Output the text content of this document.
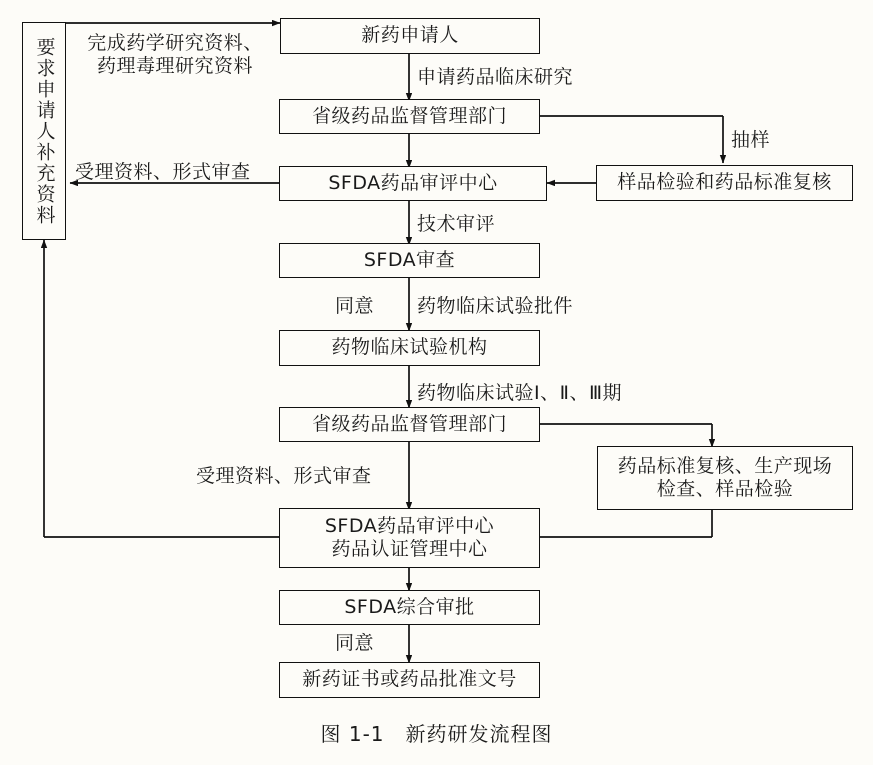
要求申请人补充资料
新药申请人
省级药品监督管理部门
SFDA药品审评中心	样品检验和药品标准复核
SFDA审查
药物临床试验机构
省级药品监督管理部门
药品标准复核、生产现场
检查、样品检验
SFDA药品审评中心
药品认证管理中心
SFDA综合审批
新药证书或药品批准文号
完成药学研究资料、
药理毒理研究资料
申请药品临床研究
抽样
受理资料、形式审查
技术审评
同意 药物临床试验批件
药物临床试验Ⅰ、Ⅱ、Ⅲ期
受理资料、形式审查
同意
图 1-1　新药研发流程图
